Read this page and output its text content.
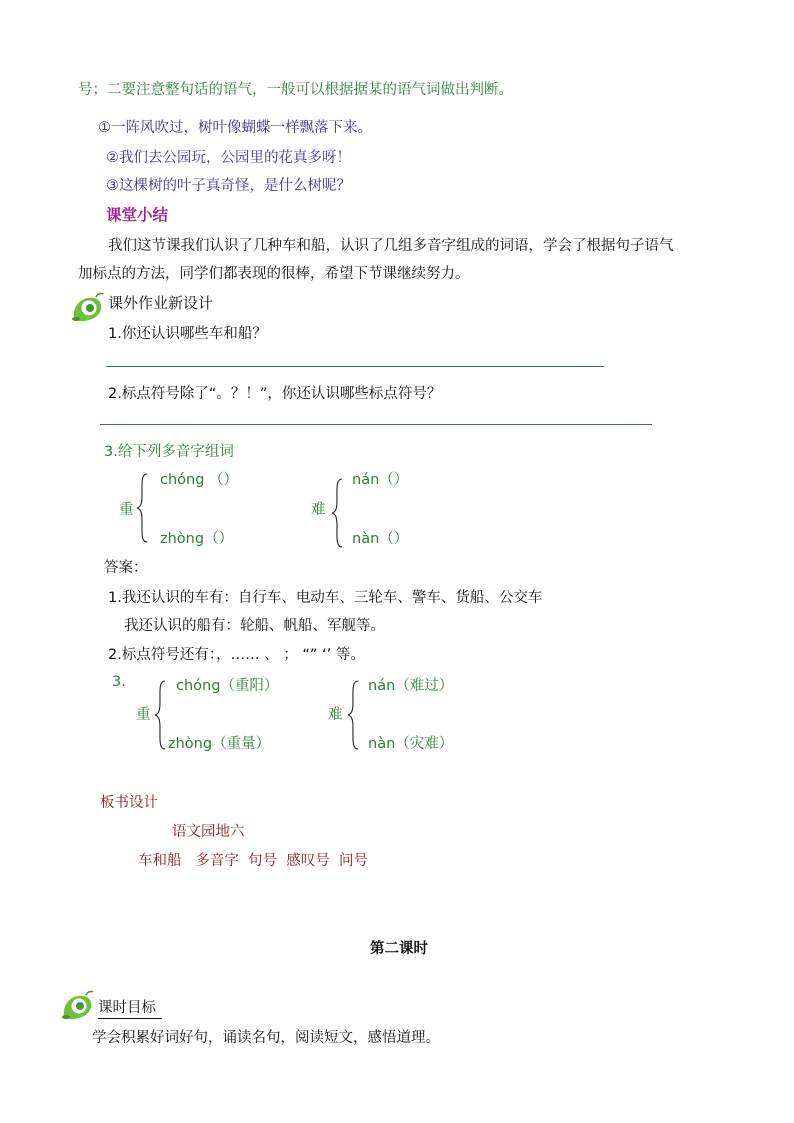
号；二要注意整句话的语气，一般可以根据据某的语气词做出判断。
①一阵风吹过，树叶像蝴蝶一样飘落下来。
②我们去公园玩，公园里的花真多呀！
③这棵树的叶子真奇怪，是什么树呢？
课堂小结
我们这节课我们认识了几种车和船，认识了几组多音字组成的词语，学会了根据句子语气
加标点的方法，同学们都表现的很棒，希望下节课继续努力。
课外作业新设计
1.你还认识哪些车和船？
2.标点符号除了“。？！”，你还认识哪些标点符号？
3.给下列多音字组词
重
chóng （）
zhòng（）
难
nán（）
nàn（）
答案：
1.我还认识的车有：自行车、电动车、三轮车、警车、货船、公交车
我还认识的船有：轮船、帆船、军舰等。
2.标点符号还有：，…… 、 ； “” ‘’ 等。
3.
重
chóng（重阳）
zhòng（重量）
难
nán（难过）
nàn（灾难）
板书设计
语文园地六
车和船   多音字  句号  感叹号  问号
第二课时
课时目标
学会积累好词好句，诵读名句，阅读短文，感悟道理。
